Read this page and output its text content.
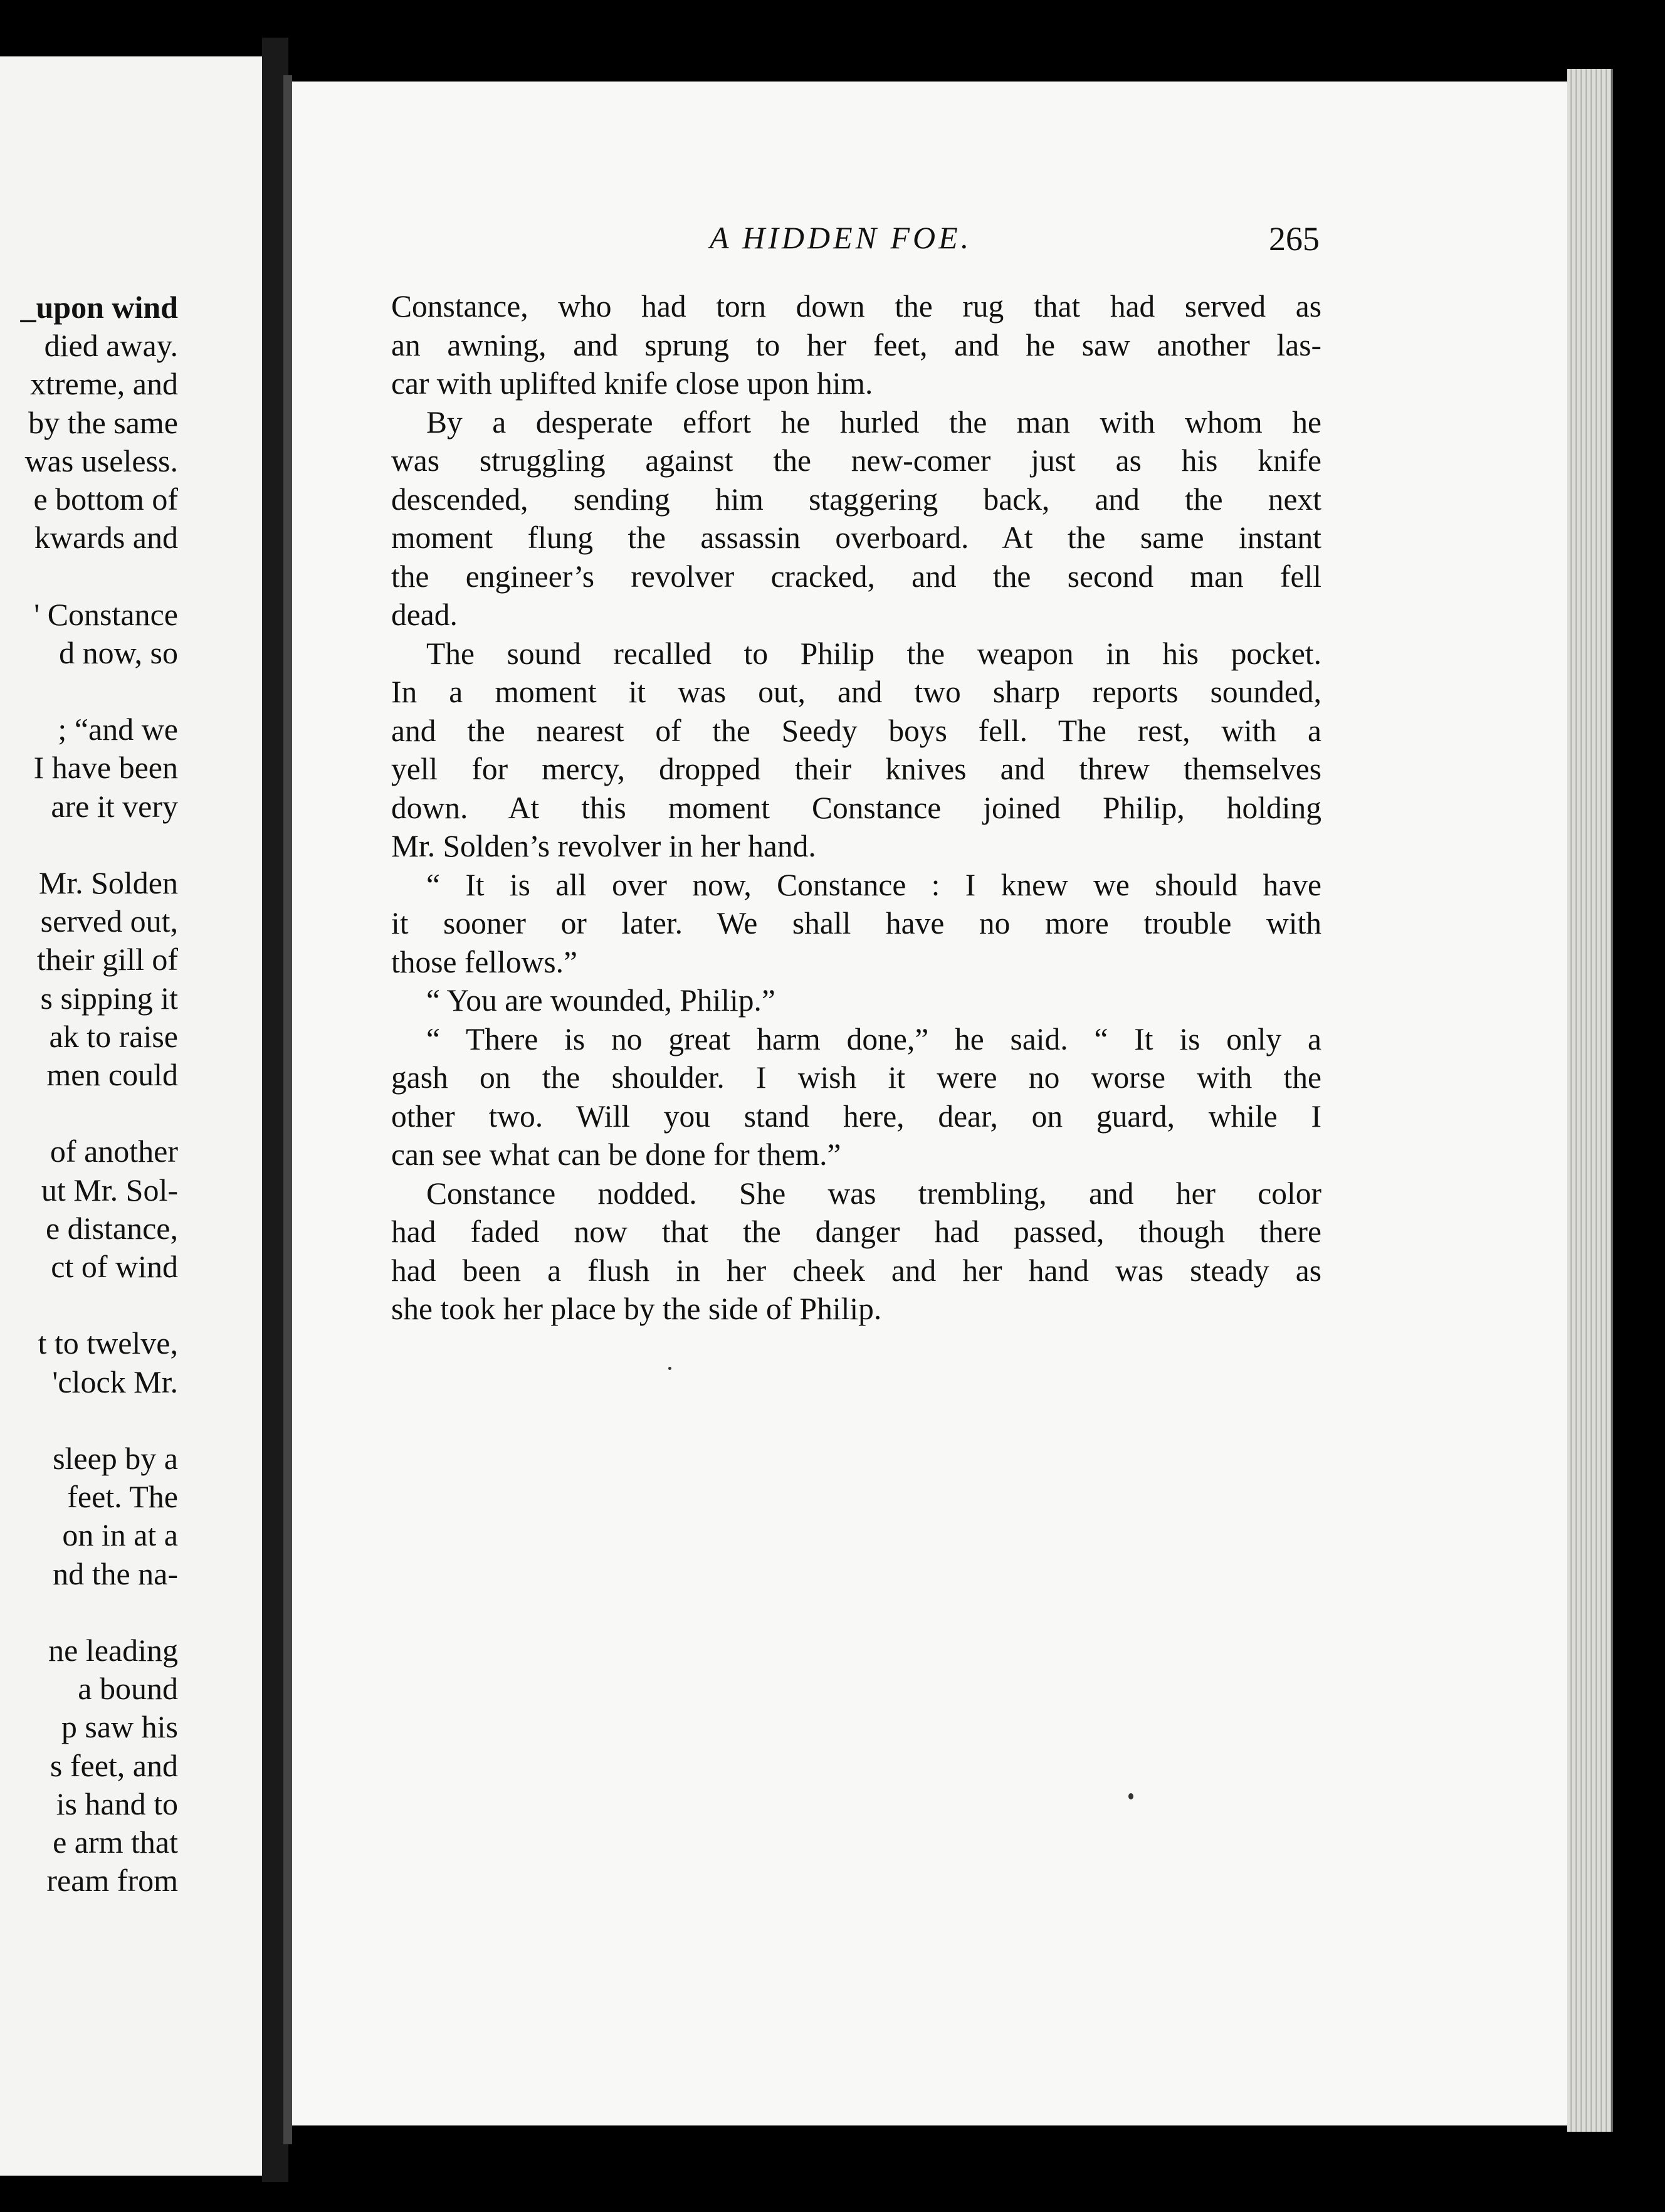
_upon wind
died away.
xtreme, and
by the same
was useless.
e bottom of
kwards and
' Constance
d now, so
; “and we
I have been
are it very
Mr. Solden
served out,
their gill of
s sipping it
ak to raise
men could
of another
ut Mr. Sol-
e distance,
ct of wind
t to twelve,
'clock Mr.
sleep by a
feet. The
on in at a
nd the na-
ne leading
a bound
p saw his
s feet, and
is hand to
e arm that
ream from
A HIDDEN FOE.	265

Constance, who had torn down the rug that had served as
an awning, and sprung to her feet, and he saw another las-
car with uplifted knife close upon him.

By a desperate effort he hurled the man with whom he
was struggling against the new-comer just as his knife
descended, sending him staggering back, and the next
moment flung the assassin overboard. At the same instant
the engineer’s revolver cracked, and the second man fell
dead.

The sound recalled to Philip the weapon in his pocket.
In a moment it was out, and two sharp reports sounded,
and the nearest of the Seedy boys fell. The rest, with a
yell for mercy, dropped their knives and threw themselves
down. At this moment Constance joined Philip, holding
Mr. Solden’s revolver in her hand.

“ It is all over now, Constance : I knew we should have
it sooner or later. We shall have no more trouble with
those fellows.”

“ You are wounded, Philip.”

“ There is no great harm done,” he said. “ It is only a
gash on the shoulder. I wish it were no worse with the
other two. Will you stand here, dear, on guard, while I
can see what can be done for them.”

Constance nodded. She was trembling, and her color
had faded now that the danger had passed, though there
had been a flush in her cheek and her hand was steady as
she took her place by the side of Philip.
